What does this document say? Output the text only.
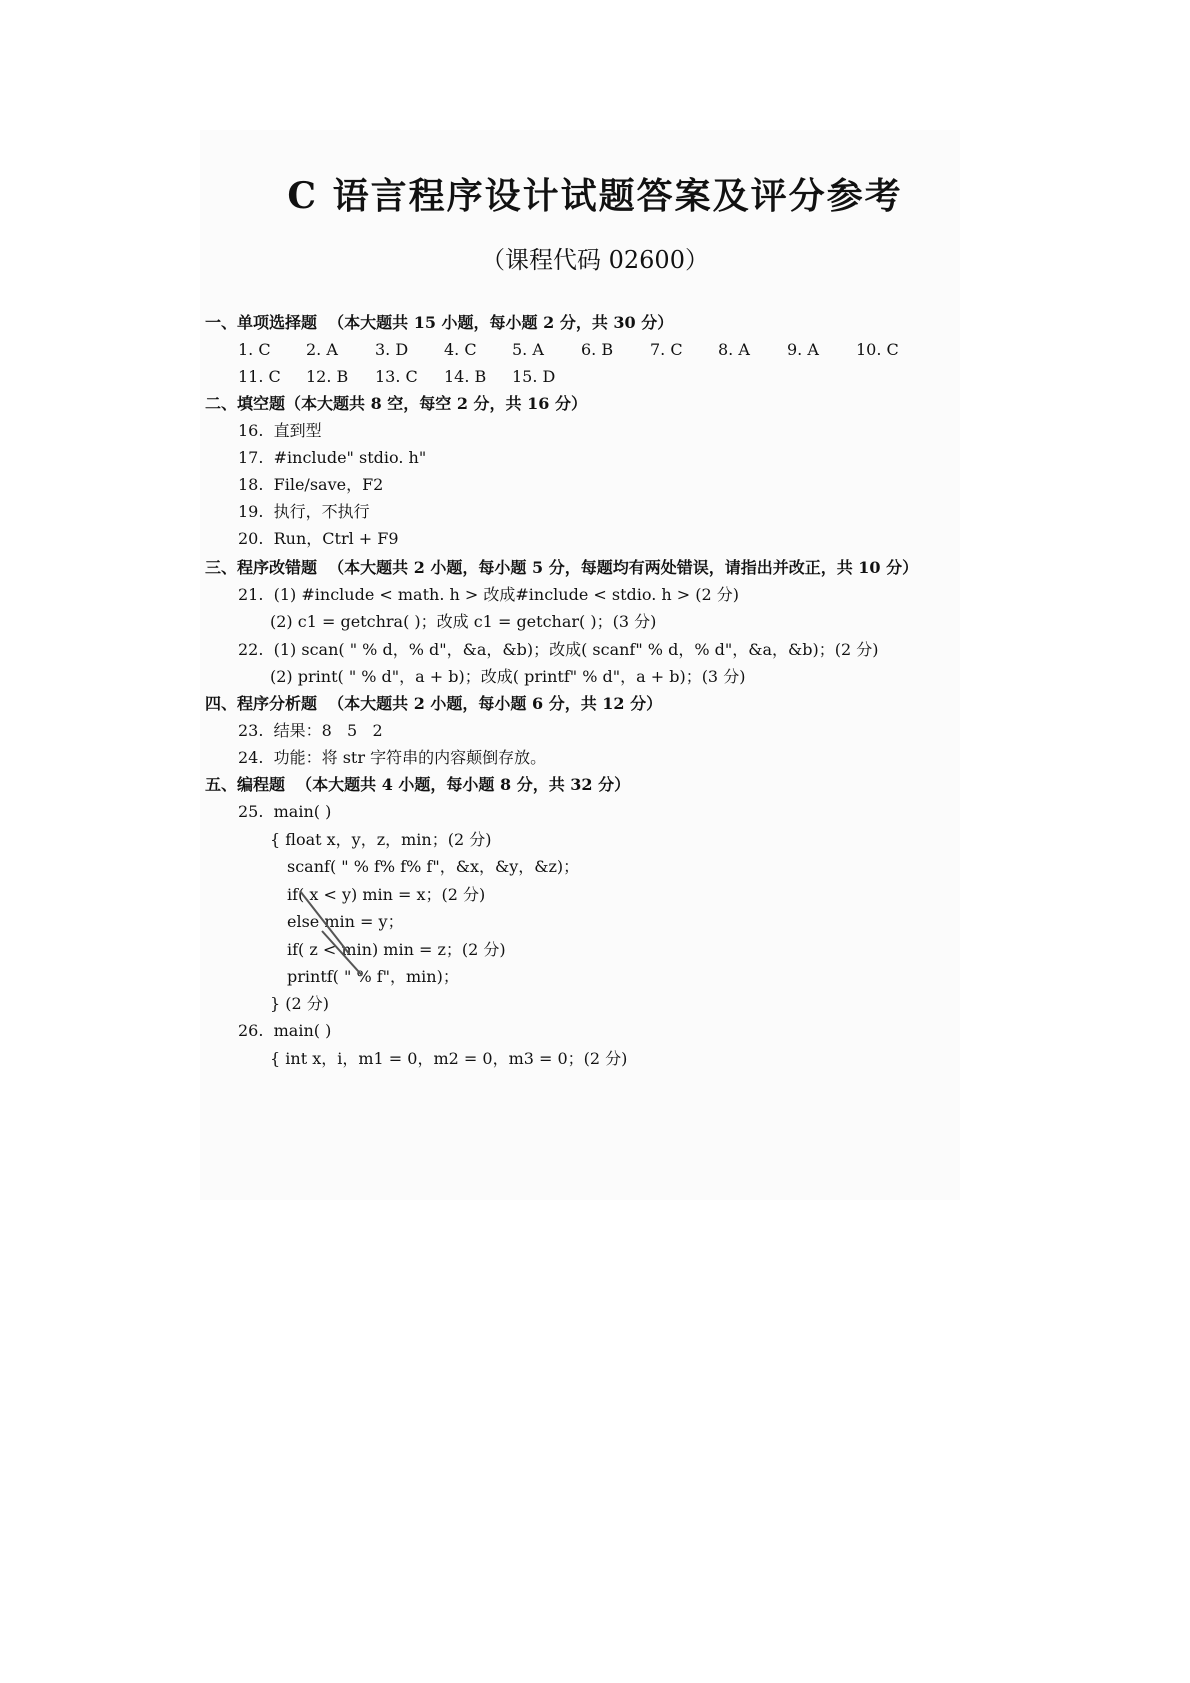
C 语言程序设计试题答案及评分参考
（课程代码 02600）
一、单项选择题  （本大题共 15 小题，每小题 2 分，共 30 分）
1. C 2. A 3. D 4. C 5. A 6. B 7. C 8. A 9. A 10. C
11. C 12. B 13. C 14. B 15. D
二、填空题（本大题共 8 空，每空 2 分，共 16 分）
16.  直到型
17.  #include" stdio. h"
18.  File/save，F2
19.  执行，不执行
20.  Run，Ctrl + F9
三、程序改错题  （本大题共 2 小题，每小题 5 分，每题均有两处错误，请指出并改正，共 10 分）
21.  (1) #include < math. h > 改成#include < stdio. h > (2 分)
(2) c1 = getchra( )；改成 c1 = getchar( )；(3 分)
22.  (1) scan( " % d，% d"，&a，&b)；改成( scanf" % d，% d"，&a，&b)；(2 分)
(2) print( " % d"，a + b)；改成( printf" % d"，a + b)；(3 分)
四、程序分析题  （本大题共 2 小题，每小题 6 分，共 12 分）
23.  结果：8   5   2
24.  功能：将 str 字符串的内容颠倒存放。
五、编程题  （本大题共 4 小题，每小题 8 分，共 32 分）
25.  main( )
{ float x，y，z，min；(2 分)
scanf( " % f% f% f"，&x，&y，&z)；
if( x < y) min = x；(2 分)
else min = y；
if( z < min) min = z；(2 分)
printf( " % f"，min)；
} (2 分)
26.  main( )
{ int x，i，m1 = 0，m2 = 0，m3 = 0；(2 分)
